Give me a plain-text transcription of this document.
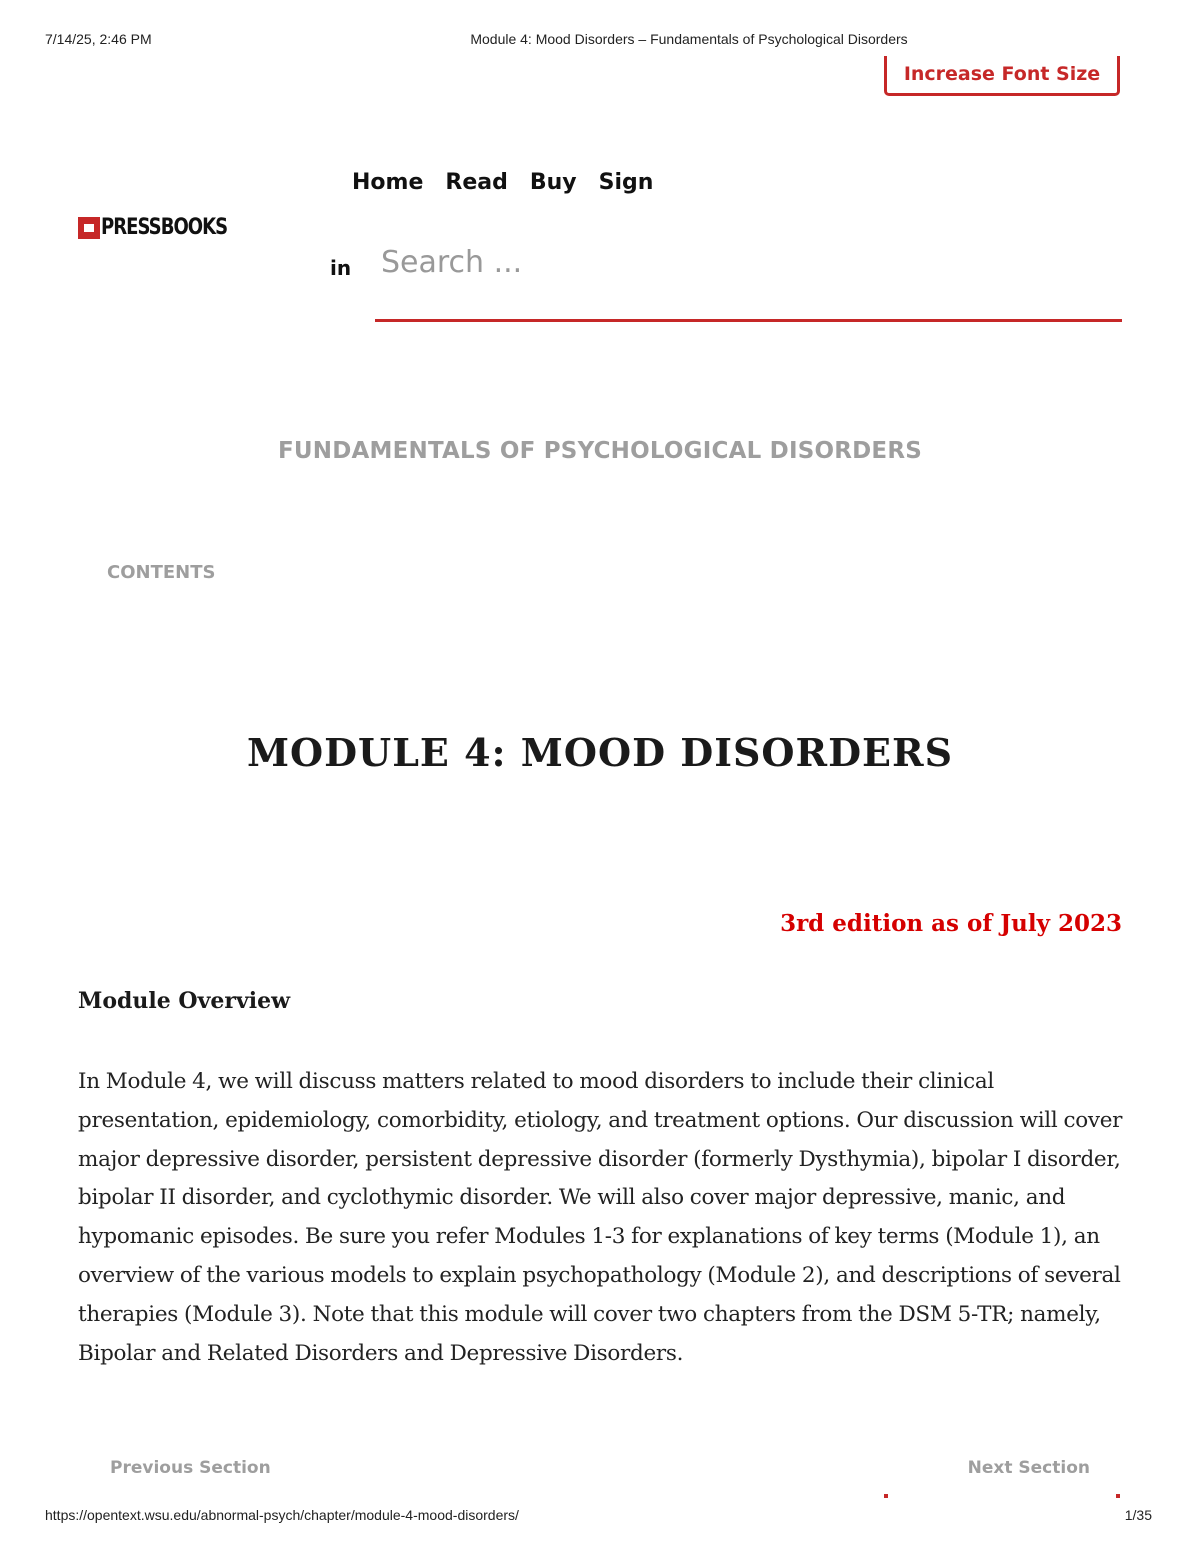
7/14/25, 2:46 PM	Module 4: Mood Disorders – Fundamentals of Psychological Disorders
Increase Font Size
PRESSBOOKS
Home Read Buy Sign
in
Search ...
FUNDAMENTALS OF PSYCHOLOGICAL DISORDERS
CONTENTS
MODULE 4: MOOD DISORDERS
3rd edition as of July 2023
Module Overview

In Module 4, we will discuss matters related to mood disorders to include their clinical presentation, epidemiology, comorbidity, etiology, and treatment options. Our discussion will cover major depressive disorder, persistent depressive disorder (formerly Dysthymia), bipolar I disorder, bipolar II disorder, and cyclothymic disorder. We will also cover major depressive, manic, and hypomanic episodes. Be sure you refer Modules 1-3 for explanations of key terms (Module 1), an overview of the various models to explain psychopathology (Module 2), and descriptions of several therapies (Module 3). Note that this module will cover two chapters from the DSM 5-TR; namely, Bipolar and Related Disorders and Depressive Disorders.

Previous Section	Next Section
https://opentext.wsu.edu/abnormal-psych/chapter/module-4-mood-disorders/	1/35
